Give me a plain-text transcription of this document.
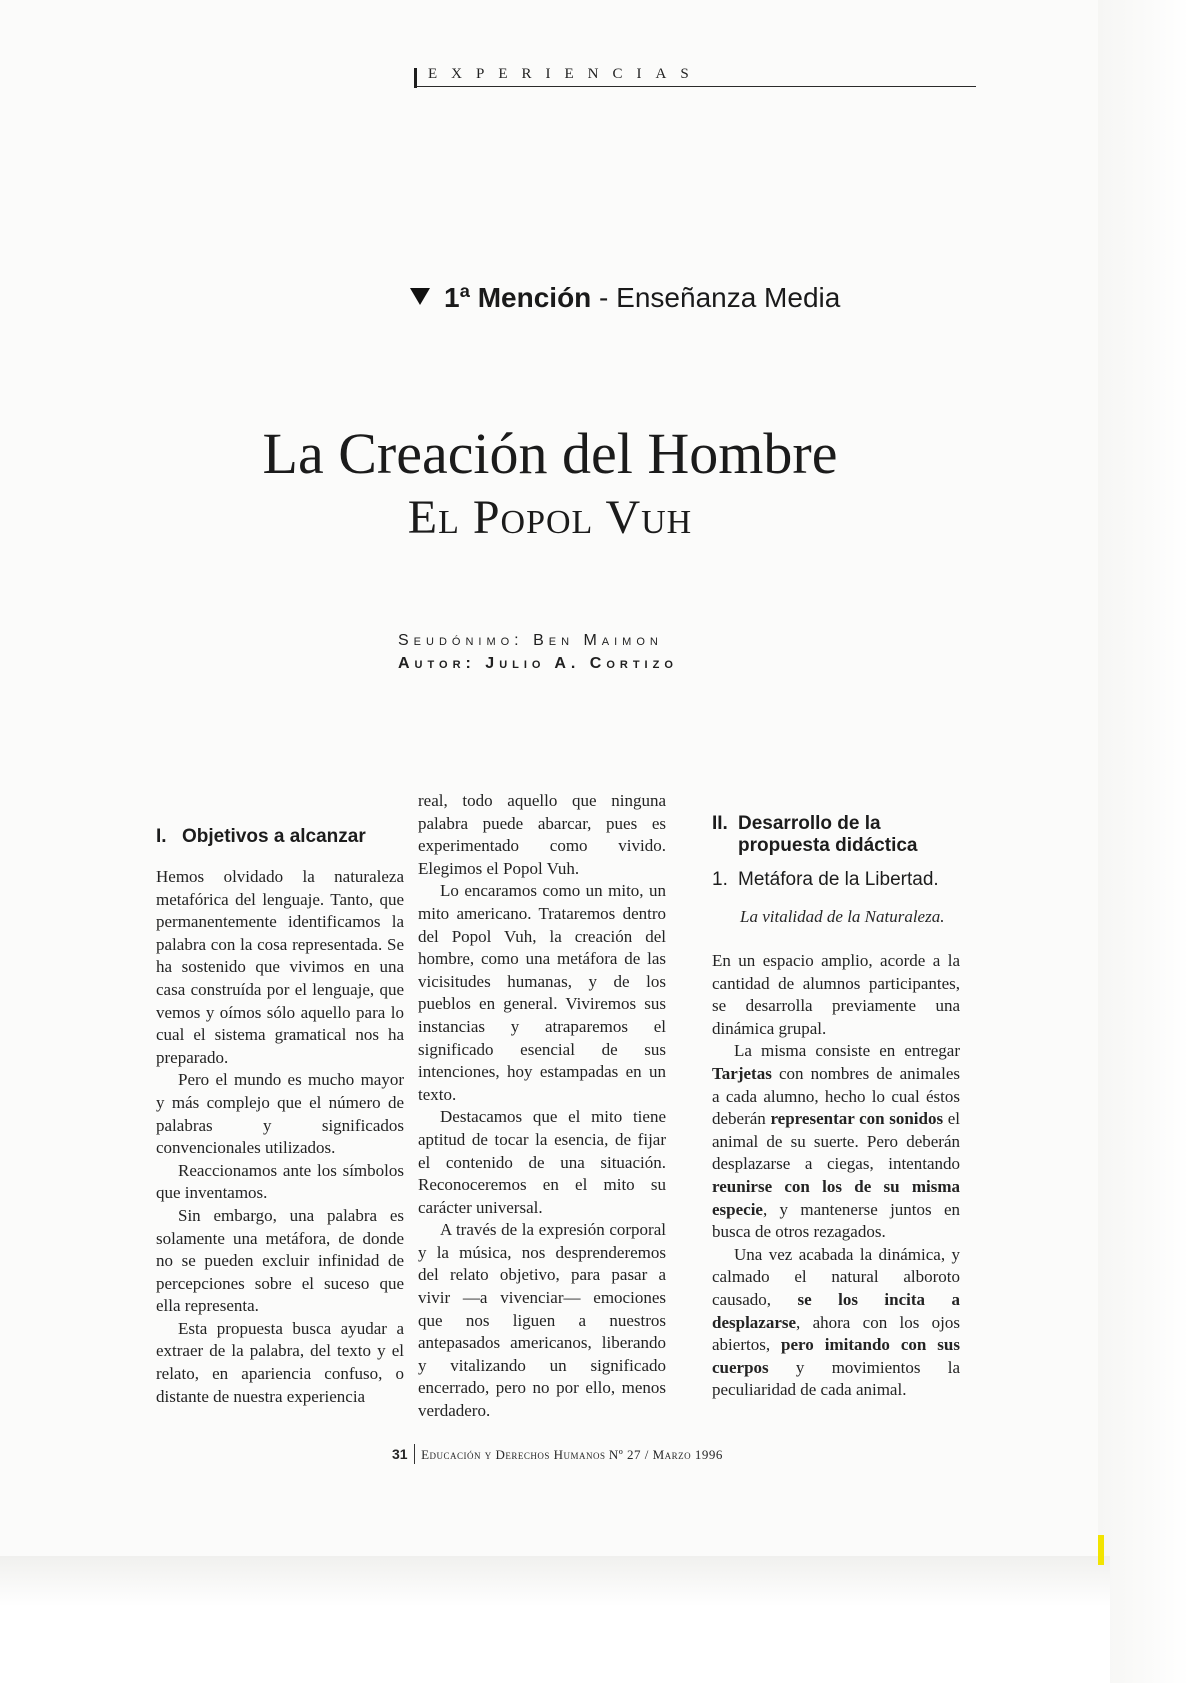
EXPERIENCIAS
1ª Mención - Enseñanza Media
La Creación del Hombre
El Popol Vuh
Seudónimo: Ben Maimon
Autor: Julio A. Cortizo
I. Objetivos a alcanzar

Hemos olvidado la naturaleza metafórica del lenguaje. Tanto, que permanentemente identificamos la palabra con la cosa representada. Se ha sostenido que vivimos en una casa construída por el lenguaje, que vemos y oímos sólo aquello para lo cual el sistema gramatical nos ha preparado.

Pero el mundo es mucho mayor y más complejo que el número de palabras y significados convencionales utilizados.

Reaccionamos ante los símbolos que inventamos.

Sin embargo, una palabra es solamente una metáfora, de donde no se pueden excluir infinidad de percepciones sobre el suceso que ella representa.

Esta propuesta busca ayudar a extraer de la palabra, del texto y el relato, en apariencia confuso, o distante de nuestra experiencia

real, todo aquello que ninguna palabra puede abarcar, pues es experimentado como vivido. Elegimos el Popol Vuh.

Lo encaramos como un mito, un mito americano. Trataremos dentro del Popol Vuh, la creación del hombre, como una metáfora de las vicisitudes humanas, y de los pueblos en general. Viviremos sus instancias y atraparemos el significado esencial de sus intenciones, hoy estampadas en un texto.

Destacamos que el mito tiene aptitud de tocar la esencia, de fijar el contenido de una situación. Reconoceremos en el mito su carácter universal.

A través de la expresión corporal y la música, nos desprenderemos del relato objetivo, para pasar a vivir —a vivenciar— emociones que nos liguen a nuestros antepasados americanos, liberando y vitalizando un significado encerrado, pero no por ello, menos verdadero.

II. Desarrollo de la
propuesta didáctica
1. Metáfora de la Libertad.
La vitalidad de la Naturaleza.

En un espacio amplio, acorde a la cantidad de alumnos participantes, se desarrolla previamente una dinámica grupal.

La misma consiste en entregar Tarjetas con nombres de animales a cada alumno, hecho lo cual éstos deberán representar con sonidos el animal de su suerte. Pero deberán desplazarse a ciegas, intentando reunirse con los de su misma especie, y mantenerse juntos en busca de otros rezagados.

Una vez acabada la dinámica, y calmado el natural alboroto causado, se los incita a desplazarse, ahora con los ojos abiertos, pero imitando con sus cuerpos y movimientos la peculiaridad de cada animal.

31 Educación y Derechos Humanos Nº 27 / Marzo 1996
